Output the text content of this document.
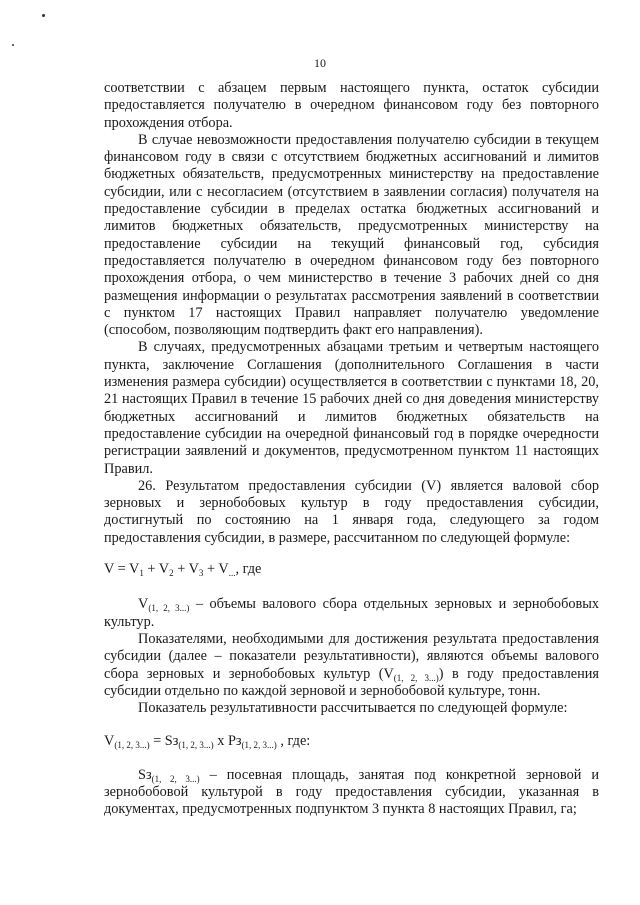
10

соответствии с абзацем первым настоящего пункта, остаток субсидии предоставляется получателю в очередном финансовом году без повторного прохождения отбора.

В случае невозможности предоставления получателю субсидии в текущем финансовом году в связи с отсутствием бюджетных ассигнований и лимитов бюджетных обязательств, предусмотренных министерству на предоставление субсидии, или с несогласием (отсутствием в заявлении согласия) получателя на предоставление субсидии в пределах остатка бюджетных ассигнований и лимитов бюджетных обязательств, предусмотренных министерству на предоставление субсидии на текущий финансовый год, субсидия предоставляется получателю в очередном финансовом году без повторного прохождения отбора, о чем министерство в течение 3 рабочих дней со дня размещения информации о результатах рассмотрения заявлений в соответствии с пунктом 17 настоящих Правил направляет получателю уведомление (способом, позволяющим подтвердить факт его направления).

В случаях, предусмотренных абзацами третьим и четвертым настоящего пункта, заключение Соглашения (дополнительного Соглашения в части изменения размера субсидии) осуществляется в соответствии с пунктами 18, 20, 21 настоящих Правил в течение 15 рабочих дней со дня доведения министерству бюджетных ассигнований и лимитов бюджетных обязательств на предоставление субсидии на очередной финансовый год в порядке очередности регистрации заявлений и документов, предусмотренном пунктом 11 настоящих Правил.

26. Результатом предоставления субсидии (V) является валовой сбор зерновых и зернобобовых культур в году предоставления субсидии, достигнутый по состоянию на 1 января года, следующего за годом предоставления субсидии, в размере, рассчитанном по следующей формуле:

$V = V_1 + V_2 + V_3 + V_{...}$, где

$V_{(1, 2, 3...)}$ – объемы валового сбора отдельных зерновых и зернобобовых культур.

Показателями, необходимыми для достижения результата предоставления субсидии (далее – показатели результативности), являются объемы валового сбора зерновых и зернобобовых культур $(V_{(1, 2, 3...)})$ в году предоставления субсидии отдельно по каждой зерновой и зернобобовой культуре, тонн.

Показатель результативности рассчитывается по следующей формуле:

$V_{(1, 2, 3...)} = Sз_{(1, 2, 3...)}$ х $Рз_{(1, 2, 3...)}$ , где:

$Sз_{(1, 2, 3...)}$ – посевная площадь, занятая под конкретной зерновой и зернобобовой культурой в году предоставления субсидии, указанная в документах, предусмотренных подпунктом 3 пункта 8 настоящих Правил, га;
